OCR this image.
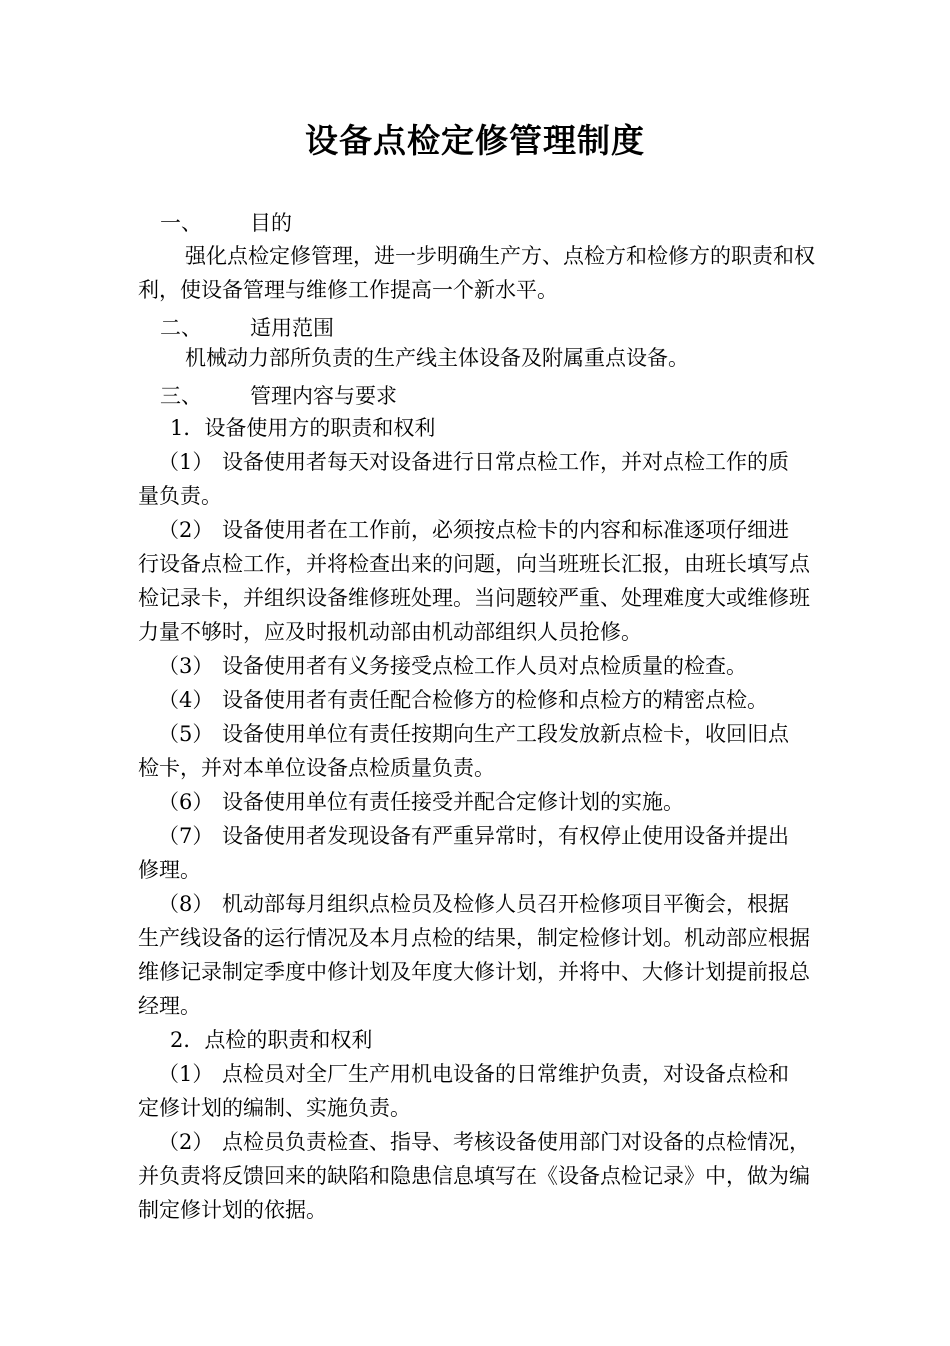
设备点检定修管理制度
一、 目的
强化点检定修管理，进一步明确生产方、点检方和检修方的职责和权
利，使设备管理与维修工作提高一个新水平。
二、 适用范围
机械动力部所负责的生产线主体设备及附属重点设备。
三、 管理内容与要求
1．设备使用方的职责和权利
（1） 设备使用者每天对设备进行日常点检工作，并对点检工作的质
量负责。
（2） 设备使用者在工作前，必须按点检卡的内容和标准逐项仔细进
行设备点检工作，并将检查出来的问题，向当班班长汇报，由班长填写点
检记录卡，并组织设备维修班处理。当问题较严重、处理难度大或维修班
力量不够时，应及时报机动部由机动部组织人员抢修。
（3） 设备使用者有义务接受点检工作人员对点检质量的检查。
（4） 设备使用者有责任配合检修方的检修和点检方的精密点检。
（5） 设备使用单位有责任按期向生产工段发放新点检卡，收回旧点
检卡，并对本单位设备点检质量负责。
（6） 设备使用单位有责任接受并配合定修计划的实施。
（7） 设备使用者发现设备有严重异常时，有权停止使用设备并提出
修理。
（8） 机动部每月组织点检员及检修人员召开检修项目平衡会，根据
生产线设备的运行情况及本月点检的结果，制定检修计划。机动部应根据
维修记录制定季度中修计划及年度大修计划，并将中、大修计划提前报总
经理。
2．点检的职责和权利
（1） 点检员对全厂生产用机电设备的日常维护负责，对设备点检和
定修计划的编制、实施负责。
（2） 点检员负责检查、指导、考核设备使用部门对设备的点检情况，
并负责将反馈回来的缺陷和隐患信息填写在《设备点检记录》中，做为编
制定修计划的依据。
